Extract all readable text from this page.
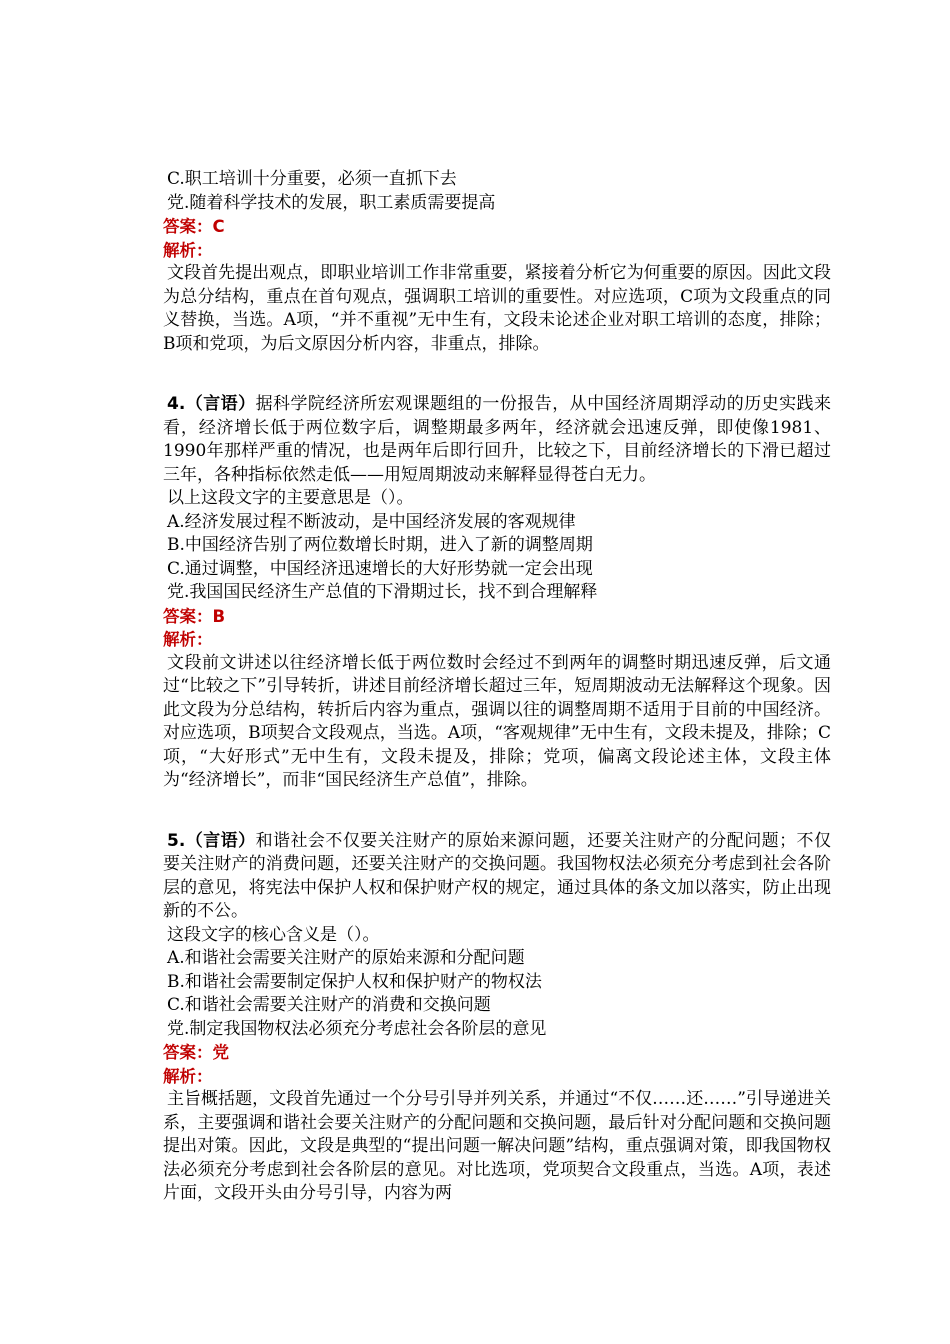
C.职工培训十分重要，必须一直抓下去

党.随着科学技术的发展，职工素质需要提高

答案：C

解析：

文段首先提出观点，即职业培训工作非常重要，紧接着分析它为何重要的原因。因此文段为总分结构，重点在首句观点，强调职工培训的重要性。对应选项，C项为文段重点的同义替换，当选。A项，“并不重视”无中生有，文段未论述企业对职工培训的态度，排除；B项和党项，为后文原因分析内容，非重点，排除。

4.（言语）据科学院经济所宏观课题组的一份报告，从中国经济周期浮动的历史实践来看，经济增长低于两位数字后，调整期最多两年，经济就会迅速反弹，即使像1981、1990年那样严重的情况，也是两年后即行回升，比较之下，目前经济增长的下滑已超过三年，各种指标依然走低——用短周期波动来解释显得苍白无力。

以上这段文字的主要意思是（）。

A.经济发展过程不断波动，是中国经济发展的客观规律

B.中国经济告别了两位数增长时期，进入了新的调整周期

C.通过调整，中国经济迅速增长的大好形势就一定会出现

党.我国国民经济生产总值的下滑期过长，找不到合理解释

答案：B

解析：

文段前文讲述以往经济增长低于两位数时会经过不到两年的调整时期迅速反弹，后文通过“比较之下”引导转折，讲述目前经济增长超过三年，短周期波动无法解释这个现象。因此文段为分总结构，转折后内容为重点，强调以往的调整周期不适用于目前的中国经济。对应选项，B项契合文段观点，当选。A项，“客观规律”无中生有，文段未提及，排除；C项，“大好形式”无中生有，文段未提及，排除；党项，偏离文段论述主体，文段主体为“经济增长”，而非“国民经济生产总值”，排除。

5.（言语）和谐社会不仅要关注财产的原始来源问题，还要关注财产的分配问题；不仅要关注财产的消费问题，还要关注财产的交换问题。我国物权法必须充分考虑到社会各阶层的意见，将宪法中保护人权和保护财产权的规定，通过具体的条文加以落实，防止出现新的不公。

这段文字的核心含义是（）。

A.和谐社会需要关注财产的原始来源和分配问题

B.和谐社会需要制定保护人权和保护财产的物权法

C.和谐社会需要关注财产的消费和交换问题

党.制定我国物权法必须充分考虑社会各阶层的意见

答案：党

解析：

主旨概括题，文段首先通过一个分号引导并列关系，并通过“不仅……还……”引导递进关系，主要强调和谐社会要关注财产的分配问题和交换问题，最后针对分配问题和交换问题提出对策。因此，文段是典型的“提出问题一解决问题”结构，重点强调对策，即我国物权法必须充分考虑到社会各阶层的意见。对比选项，党项契合文段重点，当选。A项，表述片面，文段开头由分号引导，内容为两
